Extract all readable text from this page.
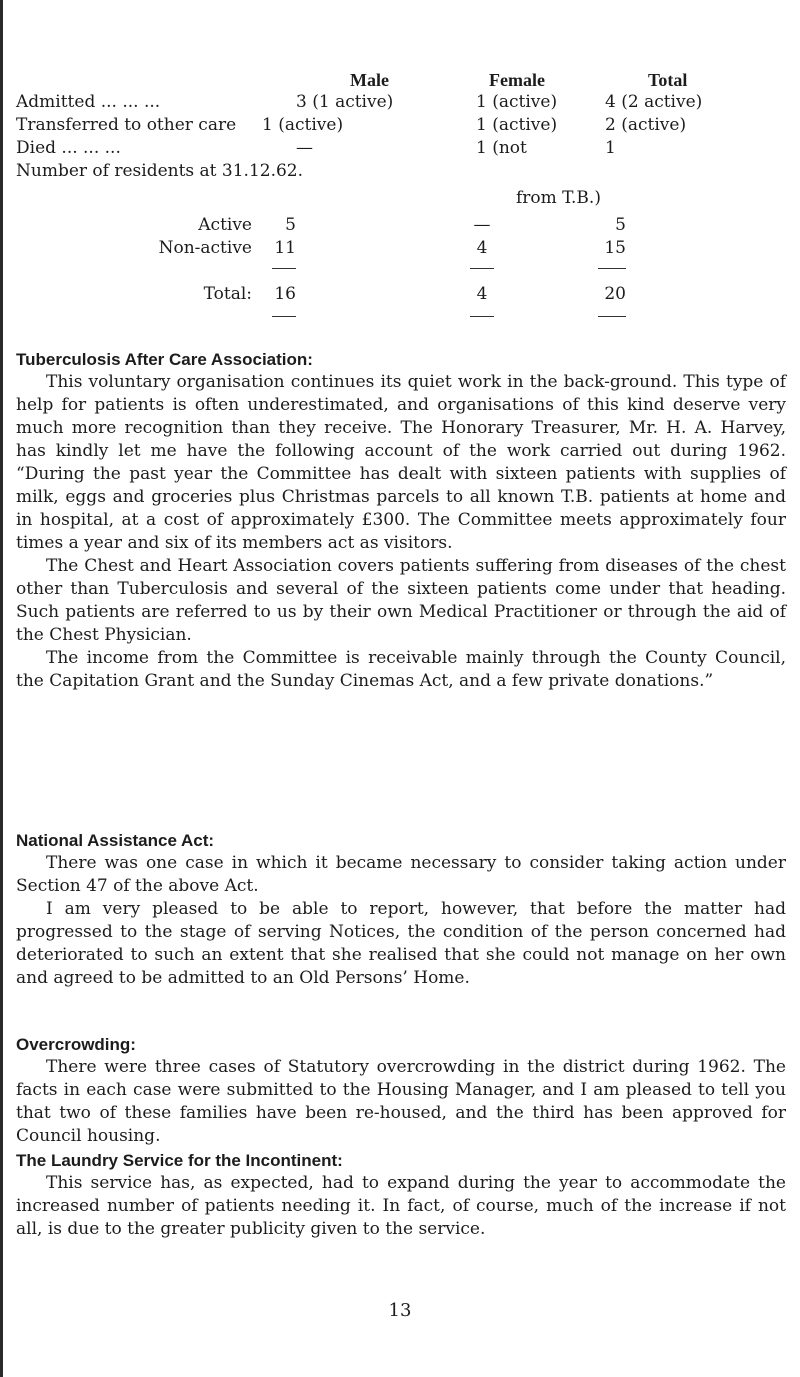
Male	Female	Total
Admitted ... ... ...	3 (1 active)	1 (active)	4 (2 active)
Transferred to other care 1 (active)	1 (active)	2 (active)
Died ... ... ...	—	1 (not	1
Number of residents at 31.12.62.
from T.B.)
Active	5	—	5
Non-active	11	4	15
Total:	16	4	20

Tuberculosis After Care Association:

This voluntary organisation continues its quiet work in the back-ground. This type of help for patients is often underestimated, and organisations of this kind deserve very much more recognition than they receive. The Honorary Treasurer, Mr. H. A. Harvey, has kindly let me have the following account of the work carried out during 1962. “During the past year the Committee has dealt with sixteen patients with supplies of milk, eggs and groceries plus Christmas parcels to all known T.B. patients at home and in hospital, at a cost of approximately £300. The Committee meets approximately four times a year and six of its members act as visitors.

The Chest and Heart Association covers patients suffering from diseases of the chest other than Tuberculosis and several of the sixteen patients come under that heading. Such patients are referred to us by their own Medical Practitioner or through the aid of the Chest Physician.

The income from the Committee is receivable mainly through the County Council, the Capitation Grant and the Sunday Cinemas Act, and a few private donations.”

National Assistance Act:

There was one case in which it became necessary to consider taking action under Section 47 of the above Act.

I am very pleased to be able to report, however, that before the matter had progressed to the stage of serving Notices, the condition of the person concerned had deteriorated to such an extent that she realised that she could not manage on her own and agreed to be admitted to an Old Persons’ Home.

Overcrowding:

There were three cases of Statutory overcrowding in the district during 1962. The facts in each case were submitted to the Housing Manager, and I am pleased to tell you that two of these families have been re-housed, and the third has been approved for Council housing.

The Laundry Service for the Incontinent:

This service has, as expected, had to expand during the year to accommodate the increased number of patients needing it. In fact, of course, much of the increase if not all, is due to the greater publicity given to the service.

13
